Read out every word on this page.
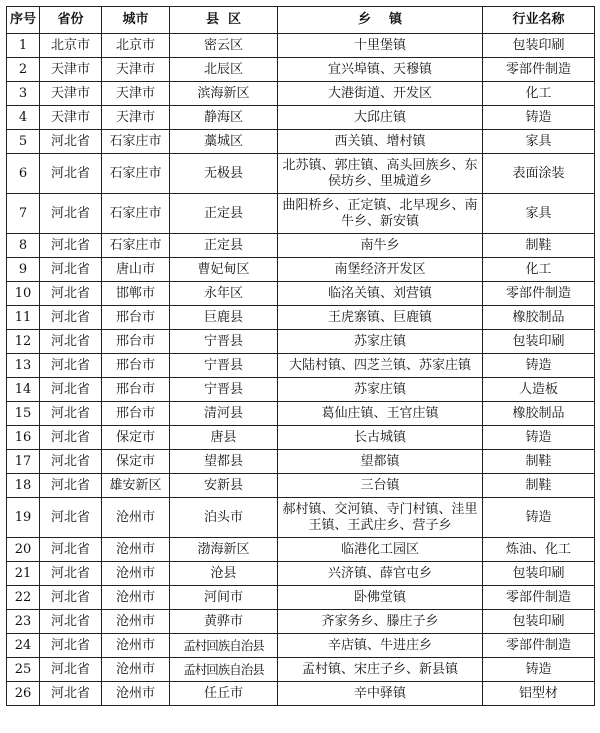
序号	省份	城市	县  区	乡    镇	行业名称
1	北京市	北京市	密云区	十里堡镇	包装印刷
2	天津市	天津市	北辰区	宜兴埠镇、天穆镇	零部件制造
3	天津市	天津市	滨海新区	大港街道、开发区	化工
4	天津市	天津市	静海区	大邱庄镇	铸造
5	河北省	石家庄市	藁城区	西关镇、增村镇	家具
6	河北省	石家庄市	无极县	北苏镇、郭庄镇、高头回族乡、东侯坊乡、里城道乡	表面涂装
7	河北省	石家庄市	正定县	曲阳桥乡、正定镇、北早现乡、南牛乡、新安镇	家具
8	河北省	石家庄市	正定县	南牛乡	制鞋
9	河北省	唐山市	曹妃甸区	南堡经济开发区	化工
10	河北省	邯郸市	永年区	临洺关镇、刘营镇	零部件制造
11	河北省	邢台市	巨鹿县	王虎寨镇、巨鹿镇	橡胶制品
12	河北省	邢台市	宁晋县	苏家庄镇	包装印刷
13	河北省	邢台市	宁晋县	大陆村镇、四芝兰镇、苏家庄镇	铸造
14	河北省	邢台市	宁晋县	苏家庄镇	人造板
15	河北省	邢台市	清河县	葛仙庄镇、王官庄镇	橡胶制品
16	河北省	保定市	唐县	长古城镇	铸造
17	河北省	保定市	望都县	望都镇	制鞋
18	河北省	雄安新区	安新县	三台镇	制鞋
19	河北省	沧州市	泊头市	郝村镇、交河镇、寺门村镇、洼里王镇、王武庄乡、营子乡	铸造
20	河北省	沧州市	渤海新区	临港化工园区	炼油、化工
21	河北省	沧州市	沧县	兴济镇、薛官屯乡	包装印刷
22	河北省	沧州市	河间市	卧佛堂镇	零部件制造
23	河北省	沧州市	黄骅市	齐家务乡、滕庄子乡	包装印刷
24	河北省	沧州市	孟村回族自治县	辛店镇、牛进庄乡	零部件制造
25	河北省	沧州市	孟村回族自治县	孟村镇、宋庄子乡、新县镇	铸造
26	河北省	沧州市	任丘市	辛中驿镇	铝型材
